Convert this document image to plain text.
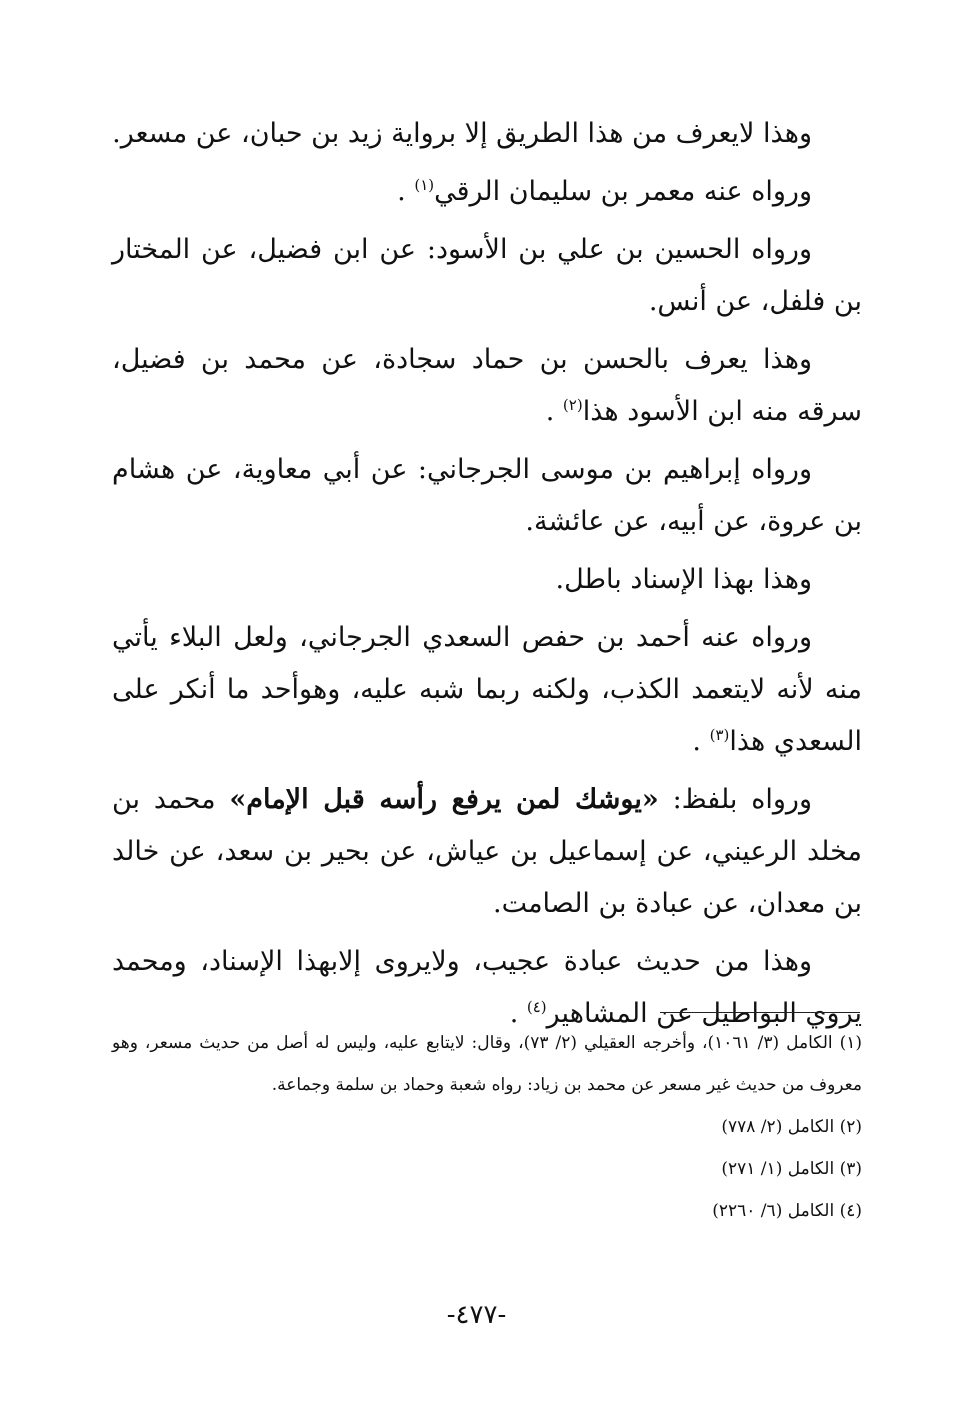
وهذا لايعرف من هذا الطريق إلا برواية زيد بن حبان، عن مسعر.

ورواه عنه معمر بن سليمان الرقي$^{(١)}$ .

ورواه الحسين بن علي بن الأسود: عن ابن فضيل، عن المختار بن فلفل، عن أنس.

وهذا يعرف بالحسن بن حماد سجادة، عن محمد بن فضيل، سرقه منه ابن الأسود هذا$^{(٢)}$ .

ورواه إبراهيم بن موسى الجرجاني: عن أبي معاوية، عن هشام بن عروة، عن أبيه، عن عائشة.

وهذا بهذا الإسناد باطل.

ورواه عنه أحمد بن حفص السعدي الجرجاني، ولعل البلاء يأتي منه لأنه لايتعمد الكذب، ولكنه ربما شبه عليه، وهوأحد ما أنكر على السعدي هذا$^{(٣)}$ .

ورواه بلفظ: «يوشك لمن يرفع رأسه قبل الإمام» محمد بن مخلد الرعيني، عن إسماعيل بن عياش، عن بحير بن سعد، عن خالد بن معدان، عن عبادة بن الصامت.

وهذا من حديث عبادة عجيب، ولايروى إلابهذا الإسناد، ومحمد يروي البواطيل عن المشاهير$^{(٤)}$ .

(١) الكامل (٣/ ١٠٦١)، وأخرجه العقيلي (٢/ ٧٣)، وقال: لايتابع عليه، وليس له أصل من حديث مسعر، وهو معروف من حديث غير مسعر عن محمد بن زياد: رواه شعبة وحماد بن سلمة وجماعة.

(٢) الكامل (٢/ ٧٧٨)

(٣) الكامل (١/ ٢٧١)

(٤) الكامل (٦/ ٢٢٦٠)

-٤٧٧-
